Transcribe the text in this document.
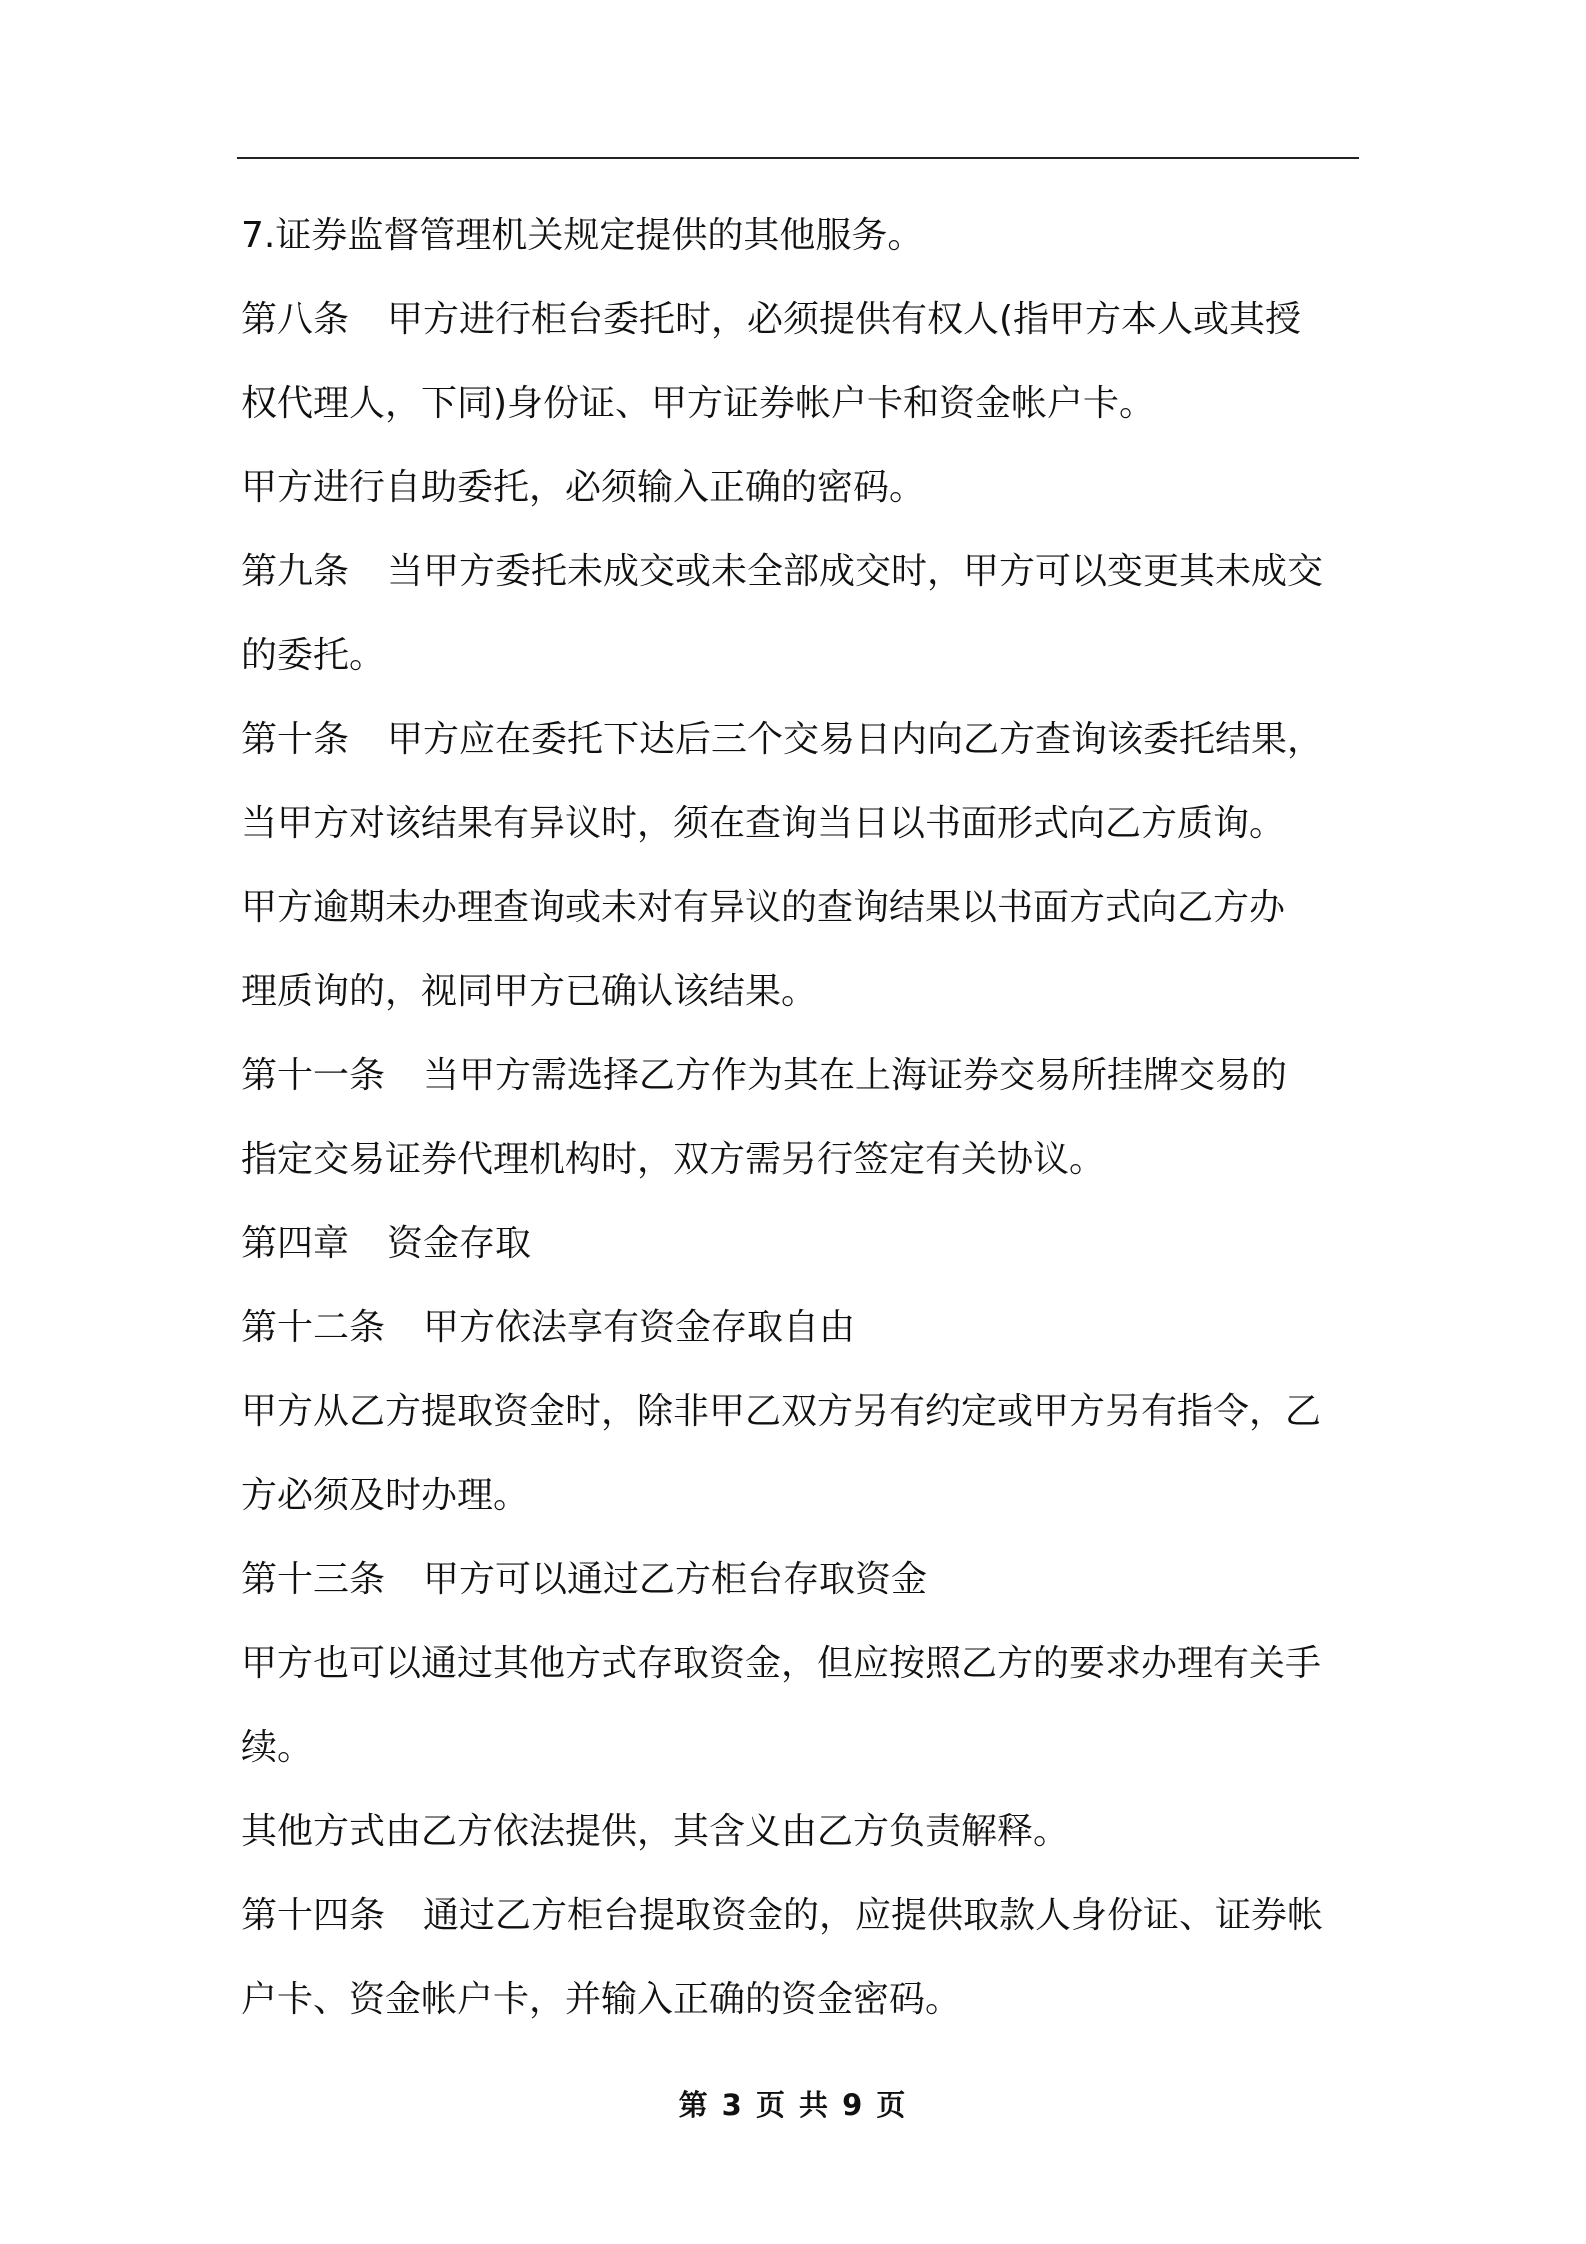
7.证券监督管理机关规定提供的其他服务。
第八条 甲方进行柜台委托时，必须提供有权人(指甲方本人或其授
权代理人，下同)身份证、甲方证券帐户卡和资金帐户卡。
甲方进行自助委托，必须输入正确的密码。
第九条 当甲方委托未成交或未全部成交时，甲方可以变更其未成交
的委托。
第十条 甲方应在委托下达后三个交易日内向乙方查询该委托结果，
当甲方对该结果有异议时，须在查询当日以书面形式向乙方质询。
甲方逾期未办理查询或未对有异议的查询结果以书面方式向乙方办
理质询的，视同甲方已确认该结果。
第十一条 当甲方需选择乙方作为其在上海证券交易所挂牌交易的
指定交易证券代理机构时，双方需另行签定有关协议。
第四章 资金存取
第十二条 甲方依法享有资金存取自由
甲方从乙方提取资金时，除非甲乙双方另有约定或甲方另有指令，乙
方必须及时办理。
第十三条 甲方可以通过乙方柜台存取资金
甲方也可以通过其他方式存取资金，但应按照乙方的要求办理有关手
续。
其他方式由乙方依法提供，其含义由乙方负责解释。
第十四条 通过乙方柜台提取资金的，应提供取款人身份证、证券帐
户卡、资金帐户卡，并输入正确的资金密码。
第 3 页 共 9 页
